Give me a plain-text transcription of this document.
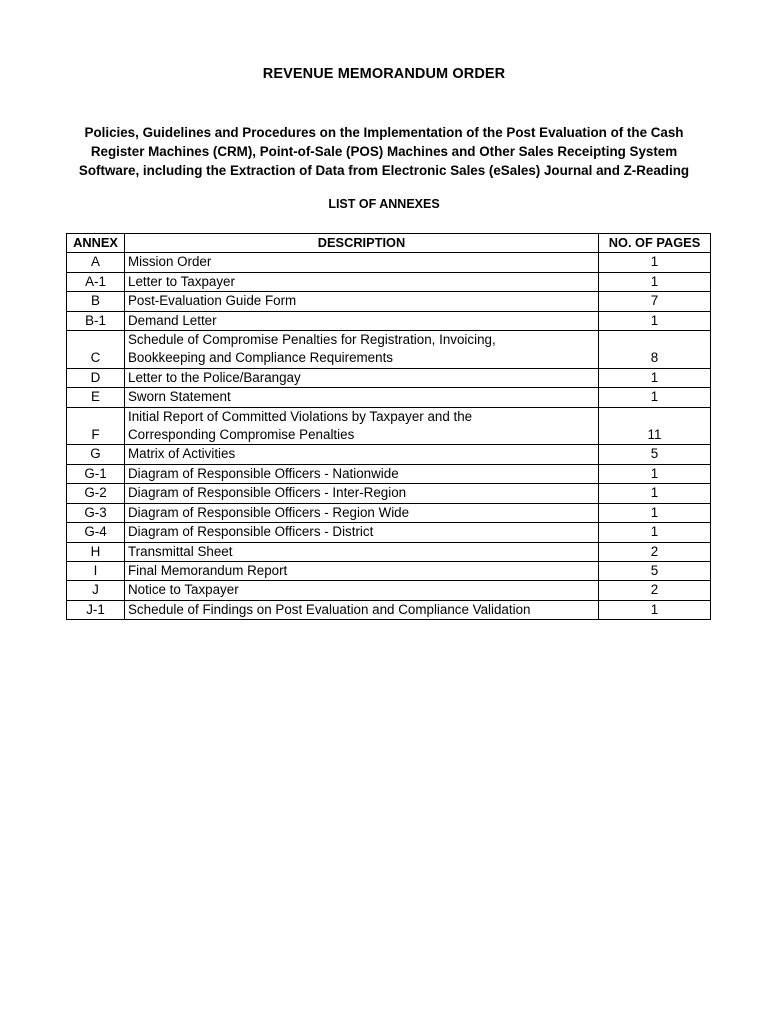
REVENUE MEMORANDUM ORDER
Policies, Guidelines and Procedures on the Implementation of the Post Evaluation of the Cash
Register Machines (CRM), Point-of-Sale (POS) Machines and Other Sales Receipting System
Software, including the Extraction of Data from Electronic Sales (eSales) Journal and Z-Reading
LIST OF ANNEXES
ANNEX	DESCRIPTION	NO. OF PAGES
A	Mission Order	1
A-1	Letter to Taxpayer	1
B	Post-Evaluation Guide Form	7
B-1	Demand Letter	1
C	Schedule of Compromise Penalties for Registration, Invoicing,
Bookkeeping and Compliance Requirements	8
D	Letter to the Police/Barangay	1
E	Sworn Statement	1
F	Initial Report of Committed Violations by Taxpayer and the
Corresponding Compromise Penalties	11
G	Matrix of Activities	5
G-1	Diagram of Responsible Officers - Nationwide	1
G-2	Diagram of Responsible Officers - Inter-Region	1
G-3	Diagram of Responsible Officers - Region Wide	1
G-4	Diagram of Responsible Officers - District	1
H	Transmittal Sheet	2
I	Final Memorandum Report	5
J	Notice to Taxpayer	2
J-1	Schedule of Findings on Post Evaluation and Compliance Validation	1
